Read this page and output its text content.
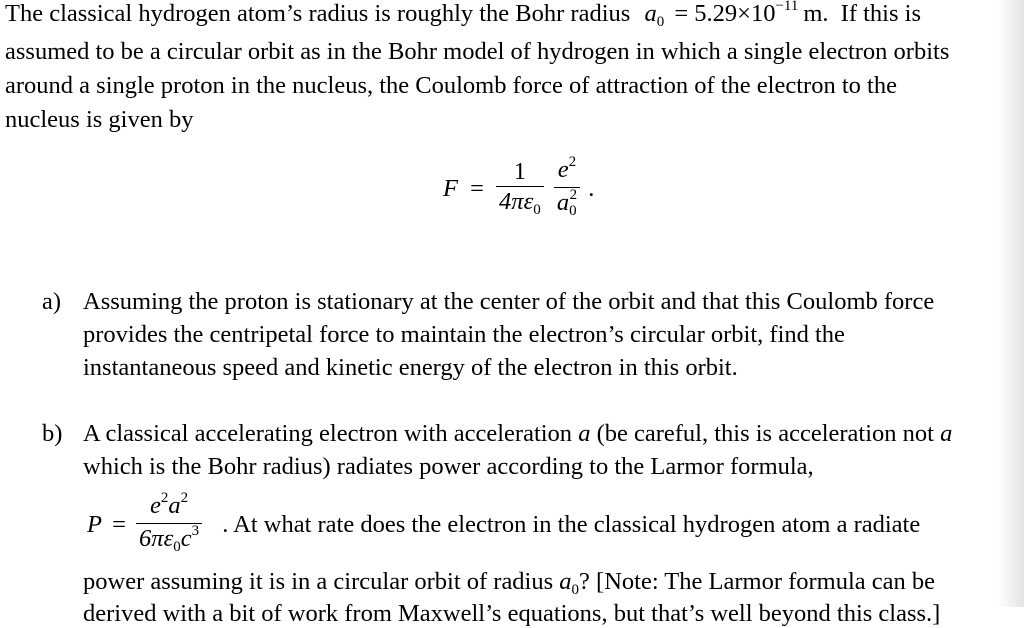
The classical hydrogen atom’s radius is roughly the Bohr radius $a_0 = 5.29\times 10^{-11}$ m. If this is
assumed to be a circular orbit as in the Bohr model of hydrogen in which a single electron orbits
around a single proton in the nucleus, the Coulomb force of attraction of the electron to the
nucleus is given by
$F = \frac{1}{4\pi\varepsilon_0}$
$\frac{e^2}{a_0^2}$ .
a) Assuming the proton is stationary at the center of the orbit and that this Coulomb force
provides the centripetal force to maintain the electron’s circular orbit, find the
instantaneous speed and kinetic energy of the electron in this orbit.
b) A classical accelerating electron with acceleration a (be careful, this is acceleration not a
which is the Bohr radius) radiates power according to the Larmor formula,
$P = \frac{e^2a^2}{6\pi\varepsilon_0c^3}$ . At what rate does the electron in the classical hydrogen atom a radiate
power assuming it is in a circular orbit of radius $a_0$? [Note: The Larmor formula can be
derived with a bit of work from Maxwell’s equations, but that’s well beyond this class.]
